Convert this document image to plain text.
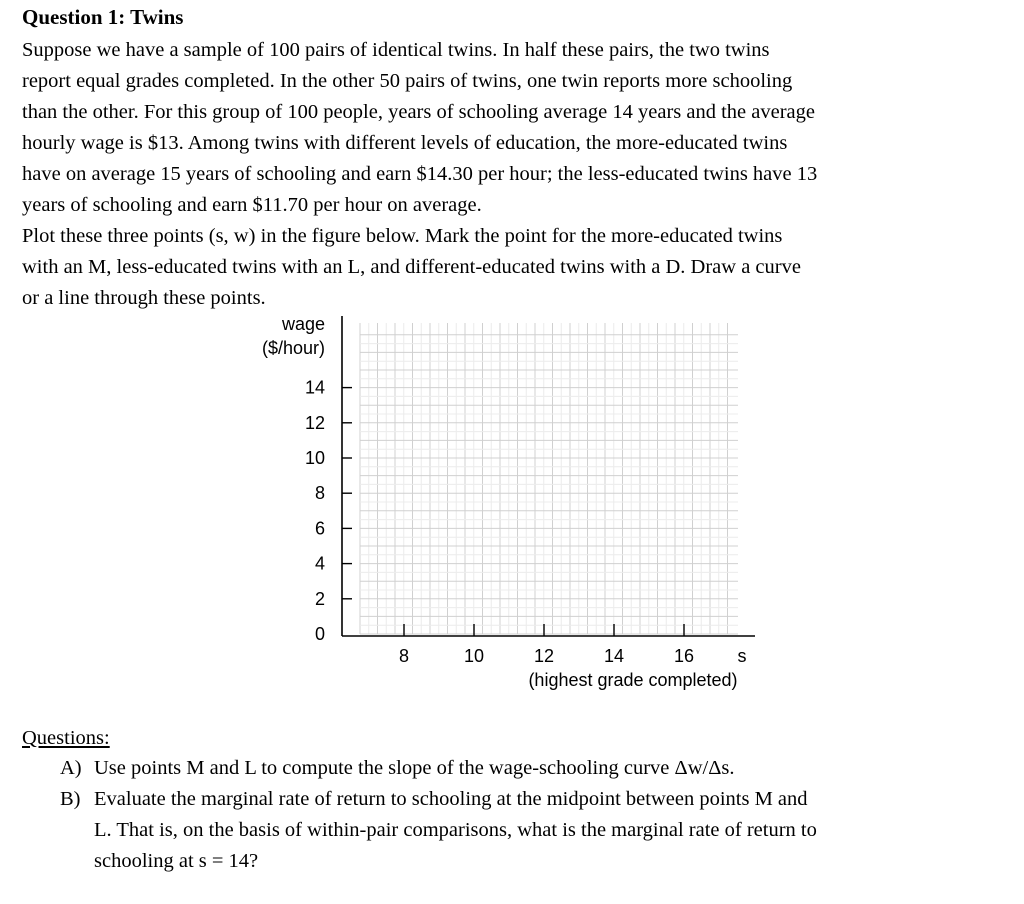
Question 1: Twins
Suppose we have a sample of 100 pairs of identical twins. In half these pairs, the two twins
report equal grades completed. In the other 50 pairs of twins, one twin reports more schooling
than the other. For this group of 100 people, years of schooling average 14 years and the average
hourly wage is $13. Among twins with different levels of education, the more-educated twins
have on average 15 years of schooling and earn $14.30 per hour; the less-educated twins have 13
years of schooling and earn $11.70 per hour on average.
Plot these three points (s, w) in the figure below. Mark the point for the more-educated twins
with an M, less-educated twins with an L, and different-educated twins with a D. Draw a curve
or a line through these points.
0
2
4
6
8
10
12
14
8	10	12	14	16
wage
($/hour)
s
(highest grade completed)
Questions:
A) Use points M and L to compute the slope of the wage-schooling curve Δw/Δs.
B) Evaluate the marginal rate of return to schooling at the midpoint between points M and
L. That is, on the basis of within-pair comparisons, what is the marginal rate of return to
schooling at s = 14?
